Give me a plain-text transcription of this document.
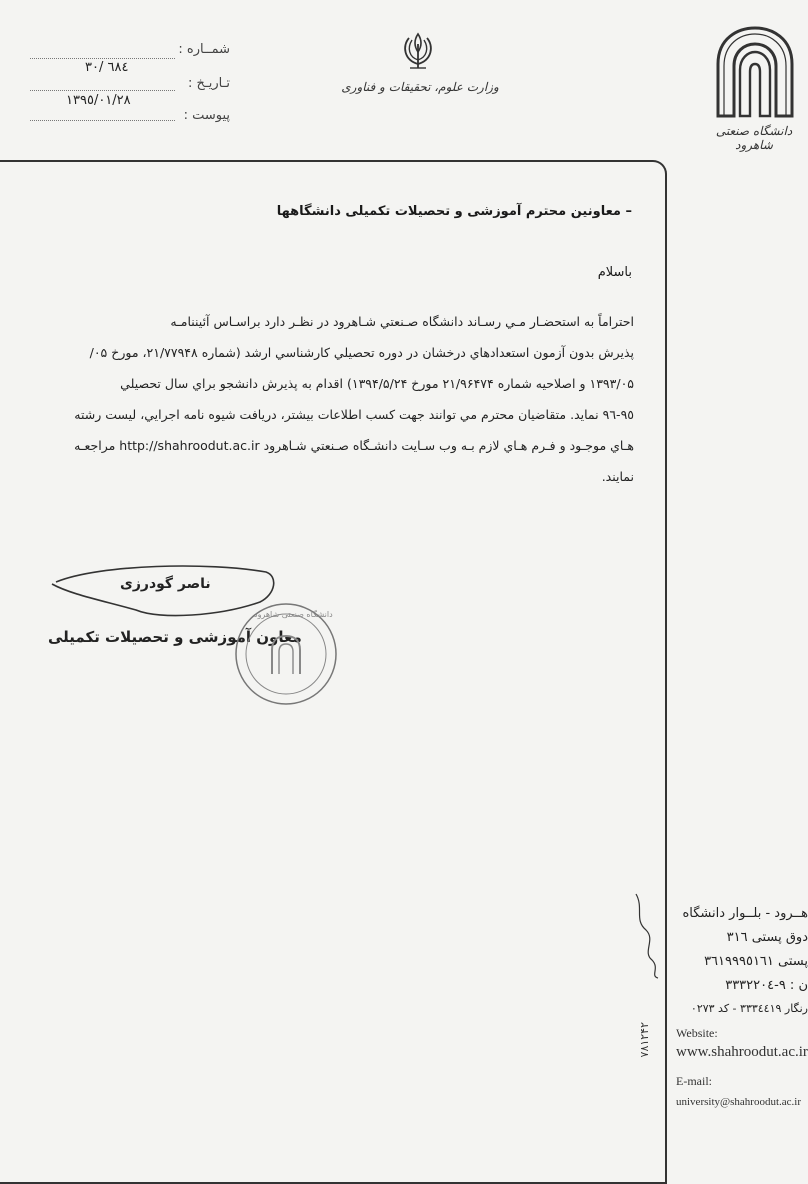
شمــاره :
۳۰/ ٦٨٤
تـاریـخ :
۱۳۹٥/۰۱/۲۸
پیوست :
وزارت علوم، تحقیقات و فناوری
دانشگاه صنعتی شاهرود
– معاونین محترم آموزشی و تحصیلات تکمیلی دانشگاهها
باسلام
احتراماً به استحضـار مـي رسـاند دانشگاه صـنعتي شـاهرود در نظـر دارد براسـاس آئيننامـه
پذيرش بدون آزمون استعدادهاي درخشان در دوره تحصيلي كارشناسي ارشد (شماره ۲۱/۷۷۹۴۸، مورخ ۰۵/
۱۳۹۳/۰۵ و اصلاحيه شماره ۲۱/۹۶۴۷۴ مورخ ۱۳۹۴/۵/۲۴) اقدام به پذيرش دانشجو براي سال تحصيلي
۹٥-۹٦ نمايد. متقاضيان محترم مي توانند جهت كسب اطلاعات بيشتر، دريافت شيوه نامه اجرايي، ليست رشته
هـاي موجـود و فـرم هـاي لازم بـه وب سـايت دانشـگاه صـنعتي شـاهرود http://shahroodut.ac.ir مراجعـه
نمايند.
ناصر گودرزی
معاون آموزشی و تحصیلات تکمیلی
دانشگاه صنعتی شاهرود
۷۸۱۲۴۲
هــرود - بلــوار دانشگاه
دوق پستی ۳۱٦
پستی ۳٦۱۹۹۹٥۱٦۱
ن : ۹-۳۳۳۲۲۰٤
رنگار ۳۳۳٤٤۱۹ - کد ۰۲۷۳
Website:
www.shahroodut.ac.ir
E-mail:
university@shahroodut.ac.ir
